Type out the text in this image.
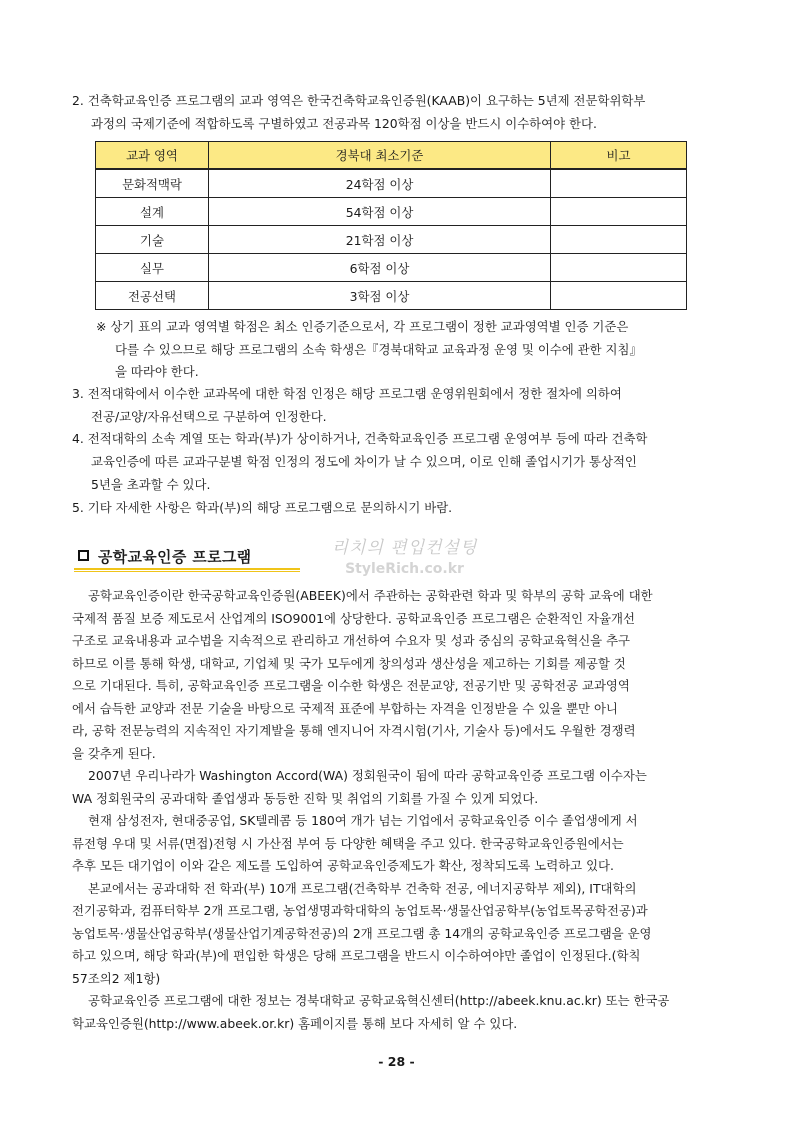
2. 건축학교육인증 프로그램의 교과 영역은 한국건축학교육인증원(KAAB)이 요구하는 5년제 전문학위학부

과정의 국제기준에 적합하도록 구별하였고 전공과목 120학점 이상을 반드시 이수하여야 한다.

교과 영역	경북대 최소기준	비고
문화적맥락	24학점 이상	
설계	54학점 이상	
기술	21학점 이상	
실무	6학점 이상	
전공선택	3학점 이상	

※ 상기 표의 교과 영역별 학점은 최소 인증기준으로서, 각 프로그램이 정한 교과영역별 인증 기준은

다를 수 있으므로 해당 프로그램의 소속 학생은『경북대학교 교육과정 운영 및 이수에 관한 지침』

을 따라야 한다.

3. 전적대학에서 이수한 교과목에 대한 학점 인정은 해당 프로그램 운영위원회에서 정한 절차에 의하여

전공/교양/자유선택으로 구분하여 인정한다.

4. 전적대학의 소속 계열 또는 학과(부)가 상이하거나, 건축학교육인증 프로그램 운영여부 등에 따라 건축학

교육인증에 따른 교과구분별 학점 인정의 정도에 차이가 날 수 있으며, 이로 인해 졸업시기가 통상적인

5년을 초과할 수 있다.

5. 기타 자세한 사항은 학과(부)의 해당 프로그램으로 문의하시기 바람.

공학교육인증 프로그램	리치의 편입컨설팅
StyleRich.co.kr

공학교육인증이란 한국공학교육인증원(ABEEK)에서 주관하는 공학관련 학과 및 학부의 공학 교육에 대한

국제적 품질 보증 제도로서 산업계의 ISO9001에 상당한다. 공학교육인증 프로그램은 순환적인 자율개선

구조로 교육내용과 교수법을 지속적으로 관리하고 개선하여 수요자 및 성과 중심의 공학교육혁신을 추구

하므로 이를 통해 학생, 대학교, 기업체 및 국가 모두에게 창의성과 생산성을 제고하는 기회를 제공할 것

으로 기대된다. 특히, 공학교육인증 프로그램을 이수한 학생은 전문교양, 전공기반 및 공학전공 교과영역

에서 습득한 교양과 전문 기술을 바탕으로 국제적 표준에 부합하는 자격을 인정받을 수 있을 뿐만 아니

라, 공학 전문능력의 지속적인 자기계발을 통해 엔지니어 자격시험(기사, 기술사 등)에서도 우월한 경쟁력

을 갖추게 된다.

2007년 우리나라가 Washington Accord(WA) 정회원국이 됨에 따라 공학교육인증 프로그램 이수자는

WA 정회원국의 공과대학 졸업생과 동등한 진학 및 취업의 기회를 가질 수 있게 되었다.

현재 삼성전자, 현대중공업, SK텔레콤 등 180여 개가 넘는 기업에서 공학교육인증 이수 졸업생에게 서

류전형 우대 및 서류(면접)전형 시 가산점 부여 등 다양한 혜택을 주고 있다. 한국공학교육인증원에서는

추후 모든 대기업이 이와 같은 제도를 도입하여 공학교육인증제도가 확산, 정착되도록 노력하고 있다.

본교에서는 공과대학 전 학과(부) 10개 프로그램(건축학부 건축학 전공, 에너지공학부 제외), IT대학의

전기공학과, 컴퓨터학부 2개 프로그램, 농업생명과학대학의 농업토목·생물산업공학부(농업토목공학전공)과

농업토목·생물산업공학부(생물산업기계공학전공)의 2개 프로그램 총 14개의 공학교육인증 프로그램을 운영

하고 있으며, 해당 학과(부)에 편입한 학생은 당해 프로그램을 반드시 이수하여야만 졸업이 인정된다.(학칙

57조의2 제1항)

공학교육인증 프로그램에 대한 정보는 경북대학교 공학교육혁신센터(http://abeek.knu.ac.kr) 또는 한국공

학교육인증원(http://www.abeek.or.kr) 홈페이지를 통해 보다 자세히 알 수 있다.

- 28 -
